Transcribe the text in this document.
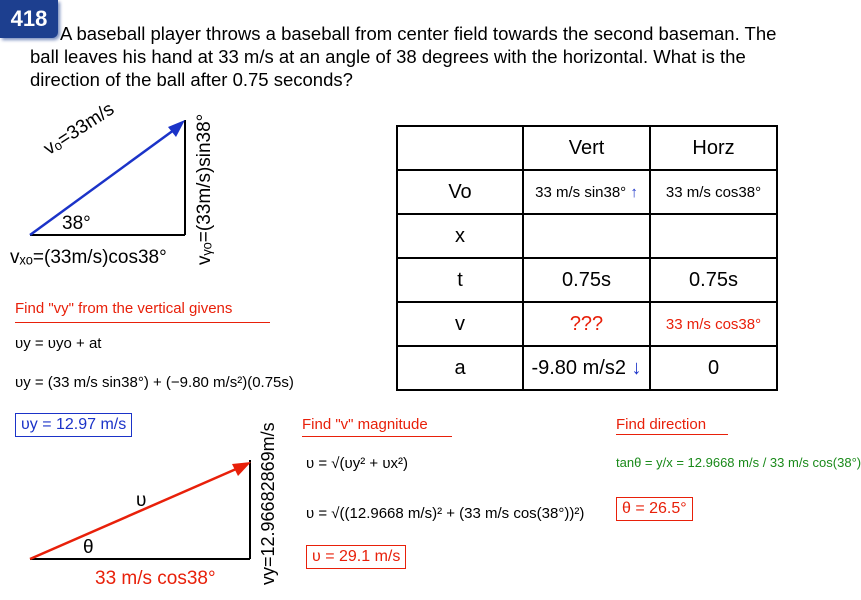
418
A baseball player throws a baseball from center field towards the second baseman. The ball leaves his hand at 33 m/s at an angle of 38 degrees with the horizontal. What is the direction of the ball after 0.75 seconds?
vₒ=33m/s
38°
vₓₒ=(33m/s)cos38° vᵧₒ=(33m/s)sin38°
		Vert	Horz
Vo	33 m/s sin38° ↑	33 m/s cos38°
x		
t	0.75s	0.75s
v	???	33 m/s cos38°
a	-9.80 m/s2 ↓	0
Find "vy" from the vertical givens
υy = υyo + at
υy = (33 m/s sin38°) + (−9.80 m/s²)(0.75s)
υy = 12.97 m/s
υ
θ
33 m/s cos38° vy=12.96682869m/s Find "v" magnitude
υ = √(υy² + υx²)
υ = √((12.9668 m/s)² + (33 m/s cos(38°))²)
υ = 29.1 m/s
Find direction
tanθ = y/x = 12.9668 m/s / 33 m/s cos(38°)
θ = 26.5°
